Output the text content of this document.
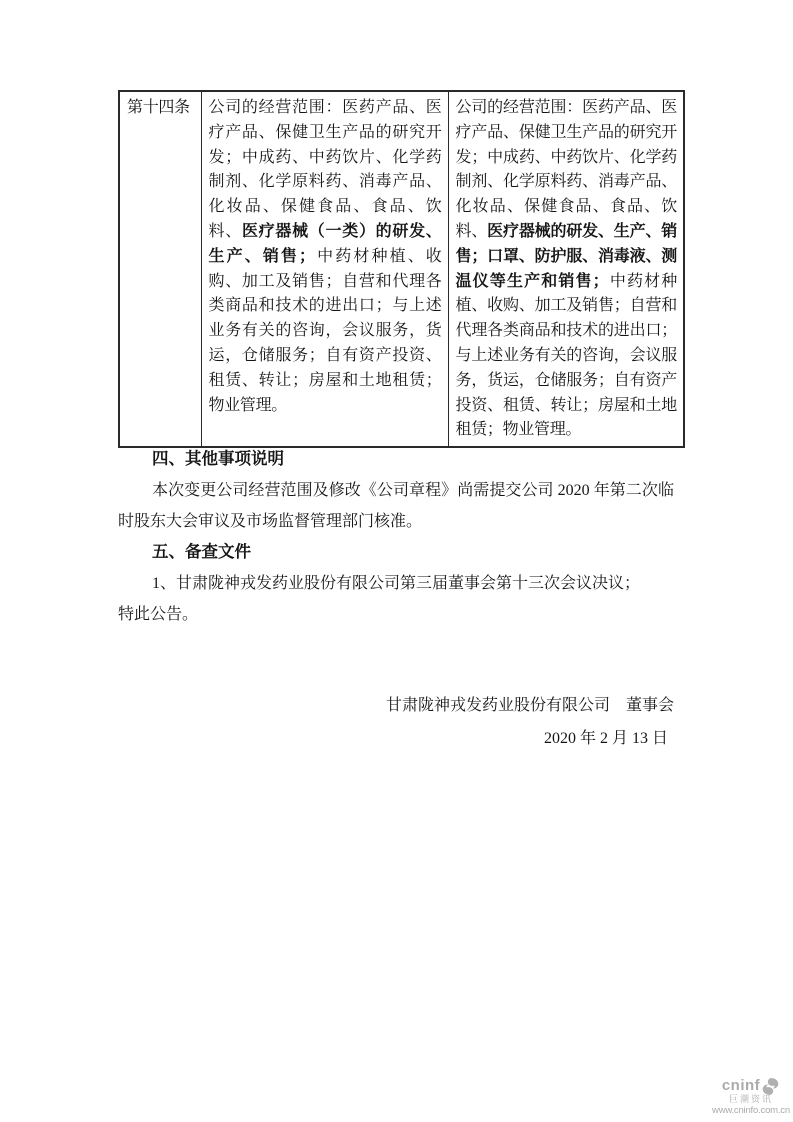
第十四条	公司的经营范围：医药产品、医疗产品、保健卫生产品的研究开发；中成药、中药饮片、化学药制剂、化学原料药、消毒产品、化妆品、保健食品、食品、饮料、医疗器械（一类）的研发、生产、销售；中药材种植、收购、加工及销售；自营和代理各类商品和技术的进出口；与上述业务有关的咨询，会议服务，货运，仓储服务；自有资产投资、租赁、转让；房屋和土地租赁；物业管理。	公司的经营范围：医药产品、医疗产品、保健卫生产品的研究开发；中成药、中药饮片、化学药制剂、化学原料药、消毒产品、化妆品、保健食品、食品、饮料、医疗器械的研发、生产、销售；口罩、防护服、消毒液、测温仪等生产和销售；中药材种植、收购、加工及销售；自营和代理各类商品和技术的进出口；与上述业务有关的咨询，会议服务，货运，仓储服务；自有资产投资、租赁、转让；房屋和土地租赁；物业管理。
四、其他事项说明
本次变更公司经营范围及修改《公司章程》尚需提交公司 2020 年第二次临时股东大会审议及市场监督管理部门核准。
五、备查文件
1、甘肃陇神戎发药业股份有限公司第三届董事会第十三次会议决议；
特此公告。
甘肃陇神戎发药业股份有限公司　董事会
2020 年 2 月 13 日
cninf
巨潮资讯
www.cninfo.com.cn
